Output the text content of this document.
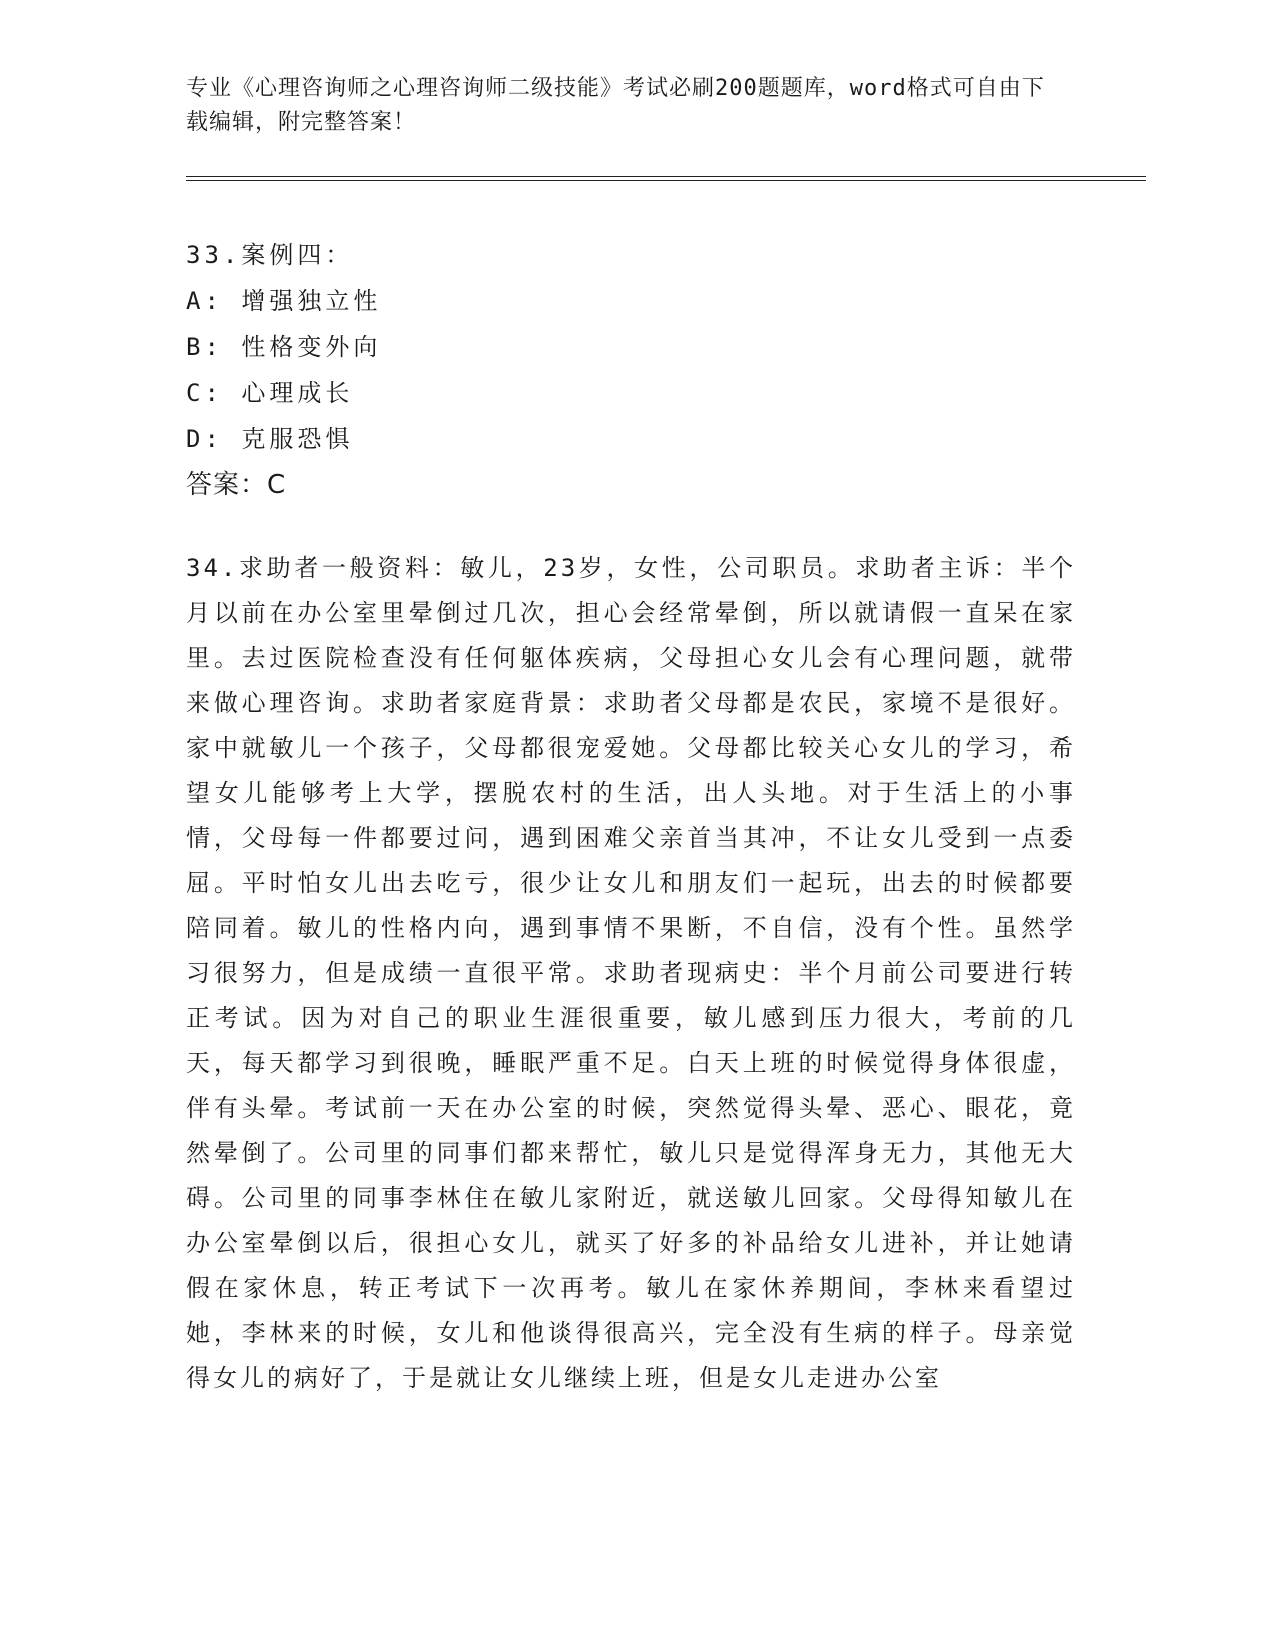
专业《心理咨询师之心理咨询师二级技能》考试必刷200题题库，word格式可自由下载编辑，附完整答案！

33.案例四：

A: 增强独立性

B: 性格变外向

C: 心理成长

D: 克服恐惧

答案：C

34.求助者一般资料：敏儿，23岁，女性，公司职员。求助者主诉：半个月以前在办公室里晕倒过几次，担心会经常晕倒，所以就请假一直呆在家里。去过医院检查没有任何躯体疾病，父母担心女儿会有心理问题，就带来做心理咨询。求助者家庭背景：求助者父母都是农民，家境不是很好。家中就敏儿一个孩子，父母都很宠爱她。父母都比较关心女儿的学习，希望女儿能够考上大学，摆脱农村的生活，出人头地。对于生活上的小事情，父母每一件都要过问，遇到困难父亲首当其冲，不让女儿受到一点委屈。平时怕女儿出去吃亏，很少让女儿和朋友们一起玩，出去的时候都要陪同着。敏儿的性格内向，遇到事情不果断，不自信，没有个性。虽然学习很努力，但是成绩一直很平常。求助者现病史：半个月前公司要进行转正考试。因为对自己的职业生涯很重要，敏儿感到压力很大，考前的几天，每天都学习到很晚，睡眠严重不足。白天上班的时候觉得身体很虚，伴有头晕。考试前一天在办公室的时候，突然觉得头晕、恶心、眼花，竟然晕倒了。公司里的同事们都来帮忙，敏儿只是觉得浑身无力，其他无大碍。公司里的同事李林住在敏儿家附近，就送敏儿回家。父母得知敏儿在办公室晕倒以后，很担心女儿，就买了好多的补品给女儿进补，并让她请假在家休息，转正考试下一次再考。敏儿在家休养期间，李林来看望过她，李林来的时候，女儿和他谈得很高兴，完全没有生病的样子。母亲觉得女儿的病好了，于是就让女儿继续上班，但是女儿走进办公室
